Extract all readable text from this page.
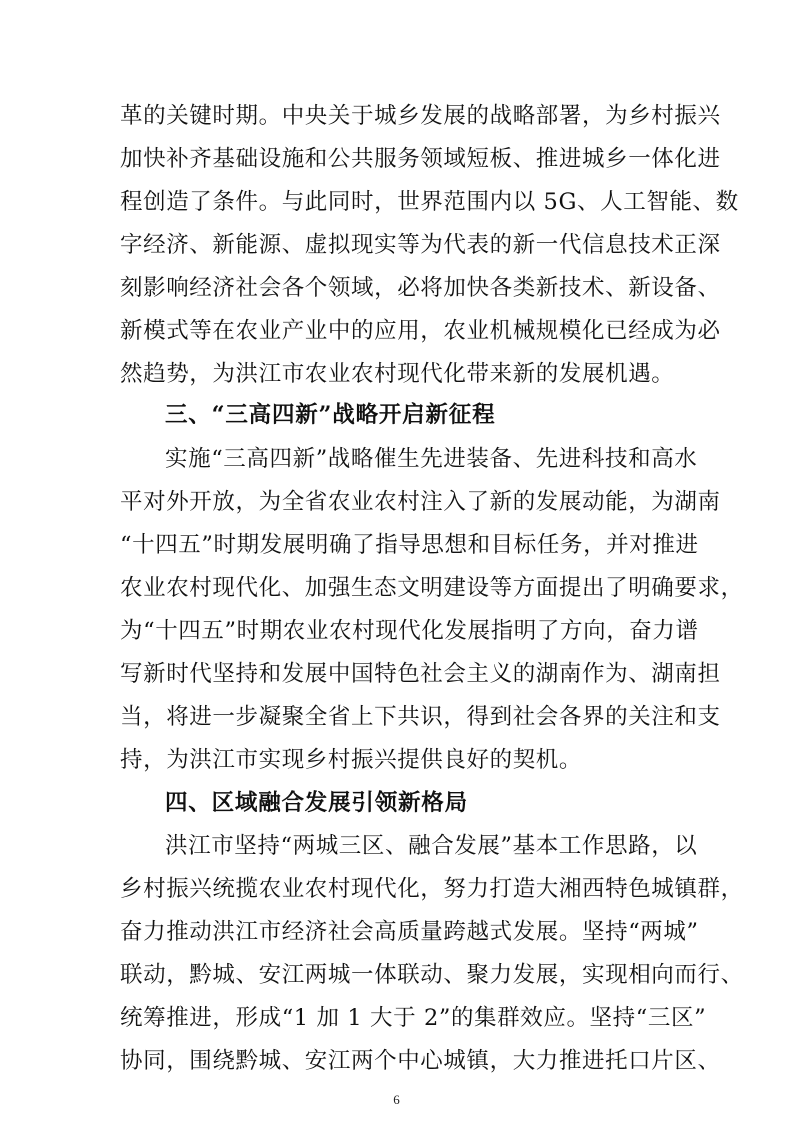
革的关键时期。中央关于城乡发展的战略部署，为乡村振兴
加快补齐基础设施和公共服务领域短板、推进城乡一体化进
程创造了条件。与此同时，世界范围内以 5G、人工智能、数
字经济、新能源、虚拟现实等为代表的新一代信息技术正深
刻影响经济社会各个领域，必将加快各类新技术、新设备、
新模式等在农业产业中的应用，农业机械规模化已经成为必
然趋势，为洪江市农业农村现代化带来新的发展机遇。
三、“三高四新”战略开启新征程
实施“三高四新”战略催生先进装备、先进科技和高水
平对外开放，为全省农业农村注入了新的发展动能，为湖南
“十四五”时期发展明确了指导思想和目标任务，并对推进
农业农村现代化、加强生态文明建设等方面提出了明确要求，
为“十四五”时期农业农村现代化发展指明了方向，奋力谱
写新时代坚持和发展中国特色社会主义的湖南作为、湖南担
当，将进一步凝聚全省上下共识，得到社会各界的关注和支
持，为洪江市实现乡村振兴提供良好的契机。
四、区域融合发展引领新格局
洪江市坚持“两城三区、融合发展”基本工作思路，以
乡村振兴统揽农业农村现代化，努力打造大湘西特色城镇群，
奋力推动洪江市经济社会高质量跨越式发展。坚持“两城”
联动，黔城、安江两城一体联动、聚力发展，实现相向而行、
统筹推进，形成“1 加 1 大于 2”的集群效应。坚持“三区”
协同，围绕黔城、安江两个中心城镇，大力推进托口片区、
6
